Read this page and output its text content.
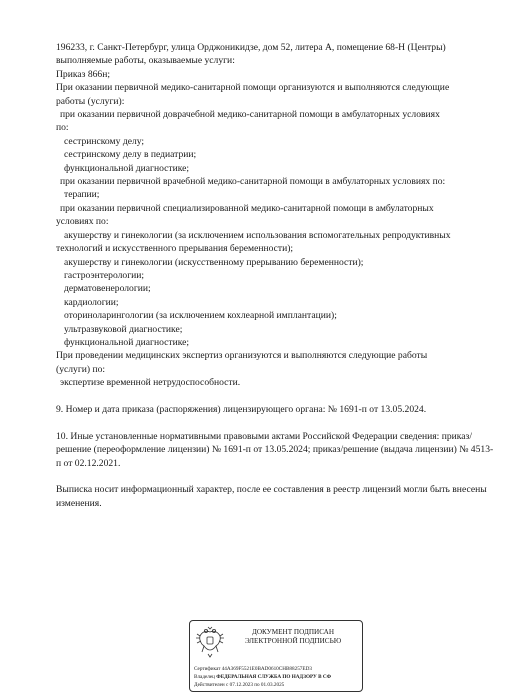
196233, г. Санкт-Петербург, улица Орджоникидзе, дом 52, литера А, помещение 68-Н (Центры)
выполняемые работы, оказываемые услуги:
Приказ 866н;
При оказании первичной медико-санитарной помощи организуются и выполняются следующие
работы (услуги):
при оказании первичной доврачебной медико-санитарной помощи в амбулаторных условиях
по:
сестринскому делу;
сестринскому делу в педиатрии;
функциональной диагностике;
при оказании первичной врачебной медико-санитарной помощи в амбулаторных условиях по:
терапии;
при оказании первичной специализированной медико-санитарной помощи в амбулаторных
условиях по:
акушерству и гинекологии (за исключением использования вспомогательных репродуктивных
технологий и искусственного прерывания беременности);
акушерству и гинекологии (искусственному прерыванию беременности);
гастроэнтерологии;
дерматовенерологии;
кардиологии;
оториноларингологии (за исключением кохлеарной имплантации);
ультразвуковой диагностике;
функциональной диагностике;
При проведении медицинских экспертиз организуются и выполняются следующие работы
(услуги) по:
экспертизе временной нетрудоспособности.
9. Номер и дата приказа (распоряжения) лицензирующего органа: № 1691-п от 13.05.2024.
10. Иные установленные нормативными правовыми актами Российской Федерации сведения: приказ/решение (переоформление лицензии) № 1691-п от 13.05.2024; приказ/решение (выдача лицензии) № 4513-п от 02.12.2021.
Выписка носит информационный характер, после ее составления в реестр лицензий могли быть внесены изменения.
ДОКУМЕНТ ПОДПИСАН
ЭЛЕКТРОННОЙ ПОДПИСЬЮ
Сертификат 44A369F5521E0BAD0610CHB88257ED3
Владелец ФЕДЕРАЛЬНАЯ СЛУЖБА ПО НАДЗОРУ В СФ
Действителен с 07.12.2023 по 01.03.2025
